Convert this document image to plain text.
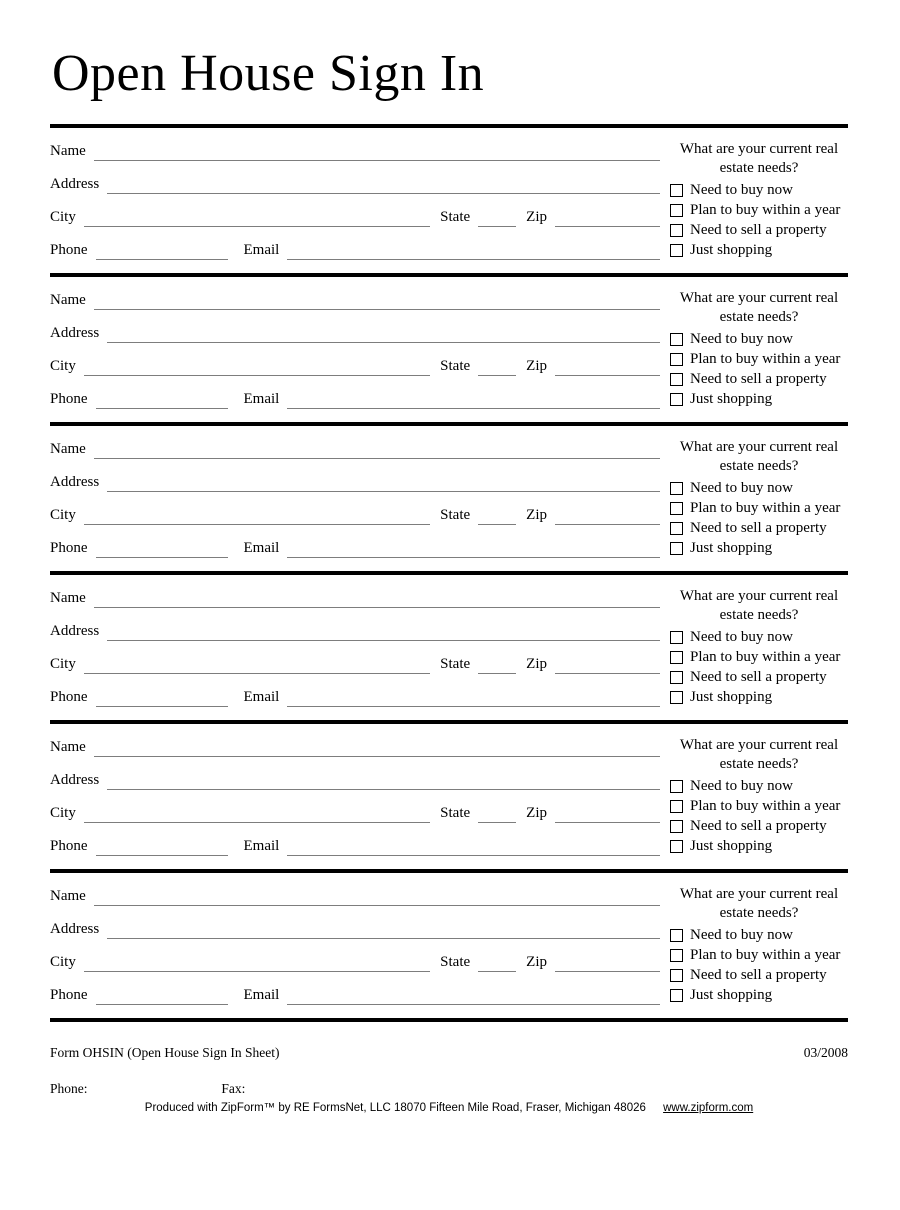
Open House Sign In
Name
Address
City	State	Zip
Phone	Email
What are your current real estate needs?
Need to buy now
Plan to buy within a year
Need to sell a property
Just shopping
Name
Address
City	State	Zip
Phone	Email
What are your current real estate needs?
Need to buy now
Plan to buy within a year
Need to sell a property
Just shopping
Name
Address
City	State	Zip
Phone	Email
What are your current real estate needs?
Need to buy now
Plan to buy within a year
Need to sell a property
Just shopping
Name
Address
City	State	Zip
Phone	Email
What are your current real estate needs?
Need to buy now
Plan to buy within a year
Need to sell a property
Just shopping
Name
Address
City	State	Zip
Phone	Email
What are your current real estate needs?
Need to buy now
Plan to buy within a year
Need to sell a property
Just shopping
Name
Address
City	State	Zip
Phone	Email
What are your current real estate needs?
Need to buy now
Plan to buy within a year
Need to sell a property
Just shopping
Form OHSIN (Open House Sign In Sheet)	03/2008
Phone:	Fax:
Produced with ZipForm™ by RE FormsNet, LLC 18070 Fifteen Mile Road, Fraser, Michigan 48026 www.zipform.com
